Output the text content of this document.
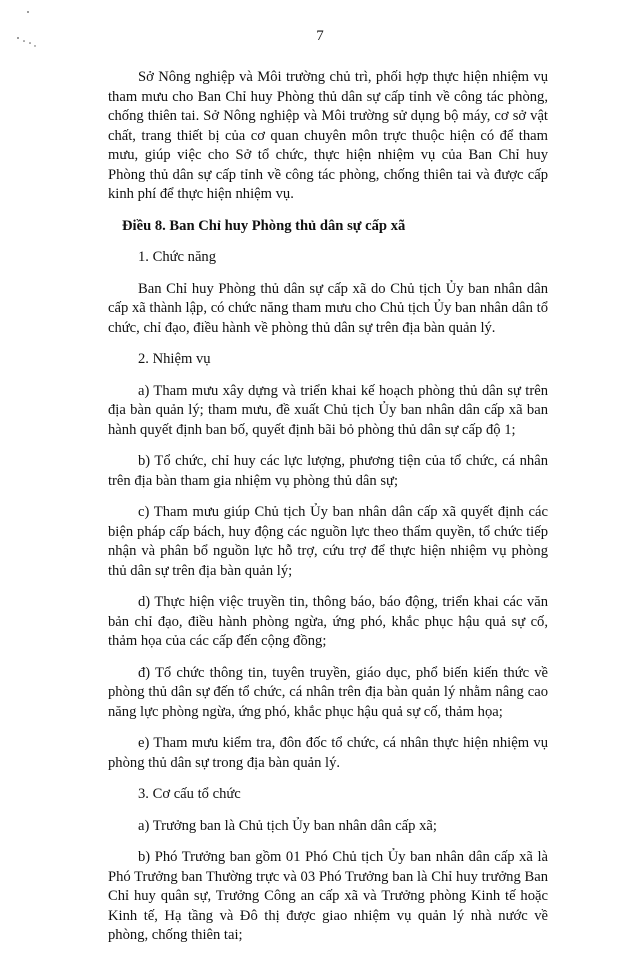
7

Sở Nông nghiệp và Môi trường chủ trì, phối hợp thực hiện nhiệm vụ tham mưu cho Ban Chỉ huy Phòng thủ dân sự cấp tỉnh về công tác phòng, chống thiên tai. Sở Nông nghiệp và Môi trường sử dụng bộ máy, cơ sở vật chất, trang thiết bị của cơ quan chuyên môn trực thuộc hiện có để tham mưu, giúp việc cho Sở tổ chức, thực hiện nhiệm vụ của Ban Chỉ huy Phòng thủ dân sự cấp tỉnh về công tác phòng, chống thiên tai và được cấp kinh phí để thực hiện nhiệm vụ.

Điều 8. Ban Chỉ huy Phòng thủ dân sự cấp xã

1. Chức năng

Ban Chỉ huy Phòng thủ dân sự cấp xã do Chủ tịch Ủy ban nhân dân cấp xã thành lập, có chức năng tham mưu cho Chủ tịch Ủy ban nhân dân tổ chức, chỉ đạo, điều hành về phòng thủ dân sự trên địa bàn quản lý.

2. Nhiệm vụ

a) Tham mưu xây dựng và triển khai kế hoạch phòng thủ dân sự trên địa bàn quản lý; tham mưu, đề xuất Chủ tịch Ủy ban nhân dân cấp xã ban hành quyết định ban bố, quyết định bãi bỏ phòng thủ dân sự cấp độ 1;

b) Tổ chức, chỉ huy các lực lượng, phương tiện của tổ chức, cá nhân trên địa bàn tham gia nhiệm vụ phòng thủ dân sự;

c) Tham mưu giúp Chủ tịch Ủy ban nhân dân cấp xã quyết định các biện pháp cấp bách, huy động các nguồn lực theo thẩm quyền, tổ chức tiếp nhận và phân bổ nguồn lực hỗ trợ, cứu trợ để thực hiện nhiệm vụ phòng thủ dân sự trên địa bàn quản lý;

d) Thực hiện việc truyền tin, thông báo, báo động, triển khai các văn bản chỉ đạo, điều hành phòng ngừa, ứng phó, khắc phục hậu quả sự cố, thảm họa của các cấp đến cộng đồng;

đ) Tổ chức thông tin, tuyên truyền, giáo dục, phổ biến kiến thức về phòng thủ dân sự đến tổ chức, cá nhân trên địa bàn quản lý nhằm nâng cao năng lực phòng ngừa, ứng phó, khắc phục hậu quả sự cố, thảm họa;

e) Tham mưu kiểm tra, đôn đốc tổ chức, cá nhân thực hiện nhiệm vụ phòng thủ dân sự trong địa bàn quản lý.

3. Cơ cấu tổ chức

a) Trưởng ban là Chủ tịch Ủy ban nhân dân cấp xã;

b) Phó Trưởng ban gồm 01 Phó Chủ tịch Ủy ban nhân dân cấp xã là Phó Trưởng ban Thường trực và 03 Phó Trưởng ban là Chỉ huy trưởng Ban Chỉ huy quân sự, Trưởng Công an cấp xã và Trưởng phòng Kinh tế hoặc Kinh tế, Hạ tầng và Đô thị được giao nhiệm vụ quản lý nhà nước về phòng, chống thiên tai;
